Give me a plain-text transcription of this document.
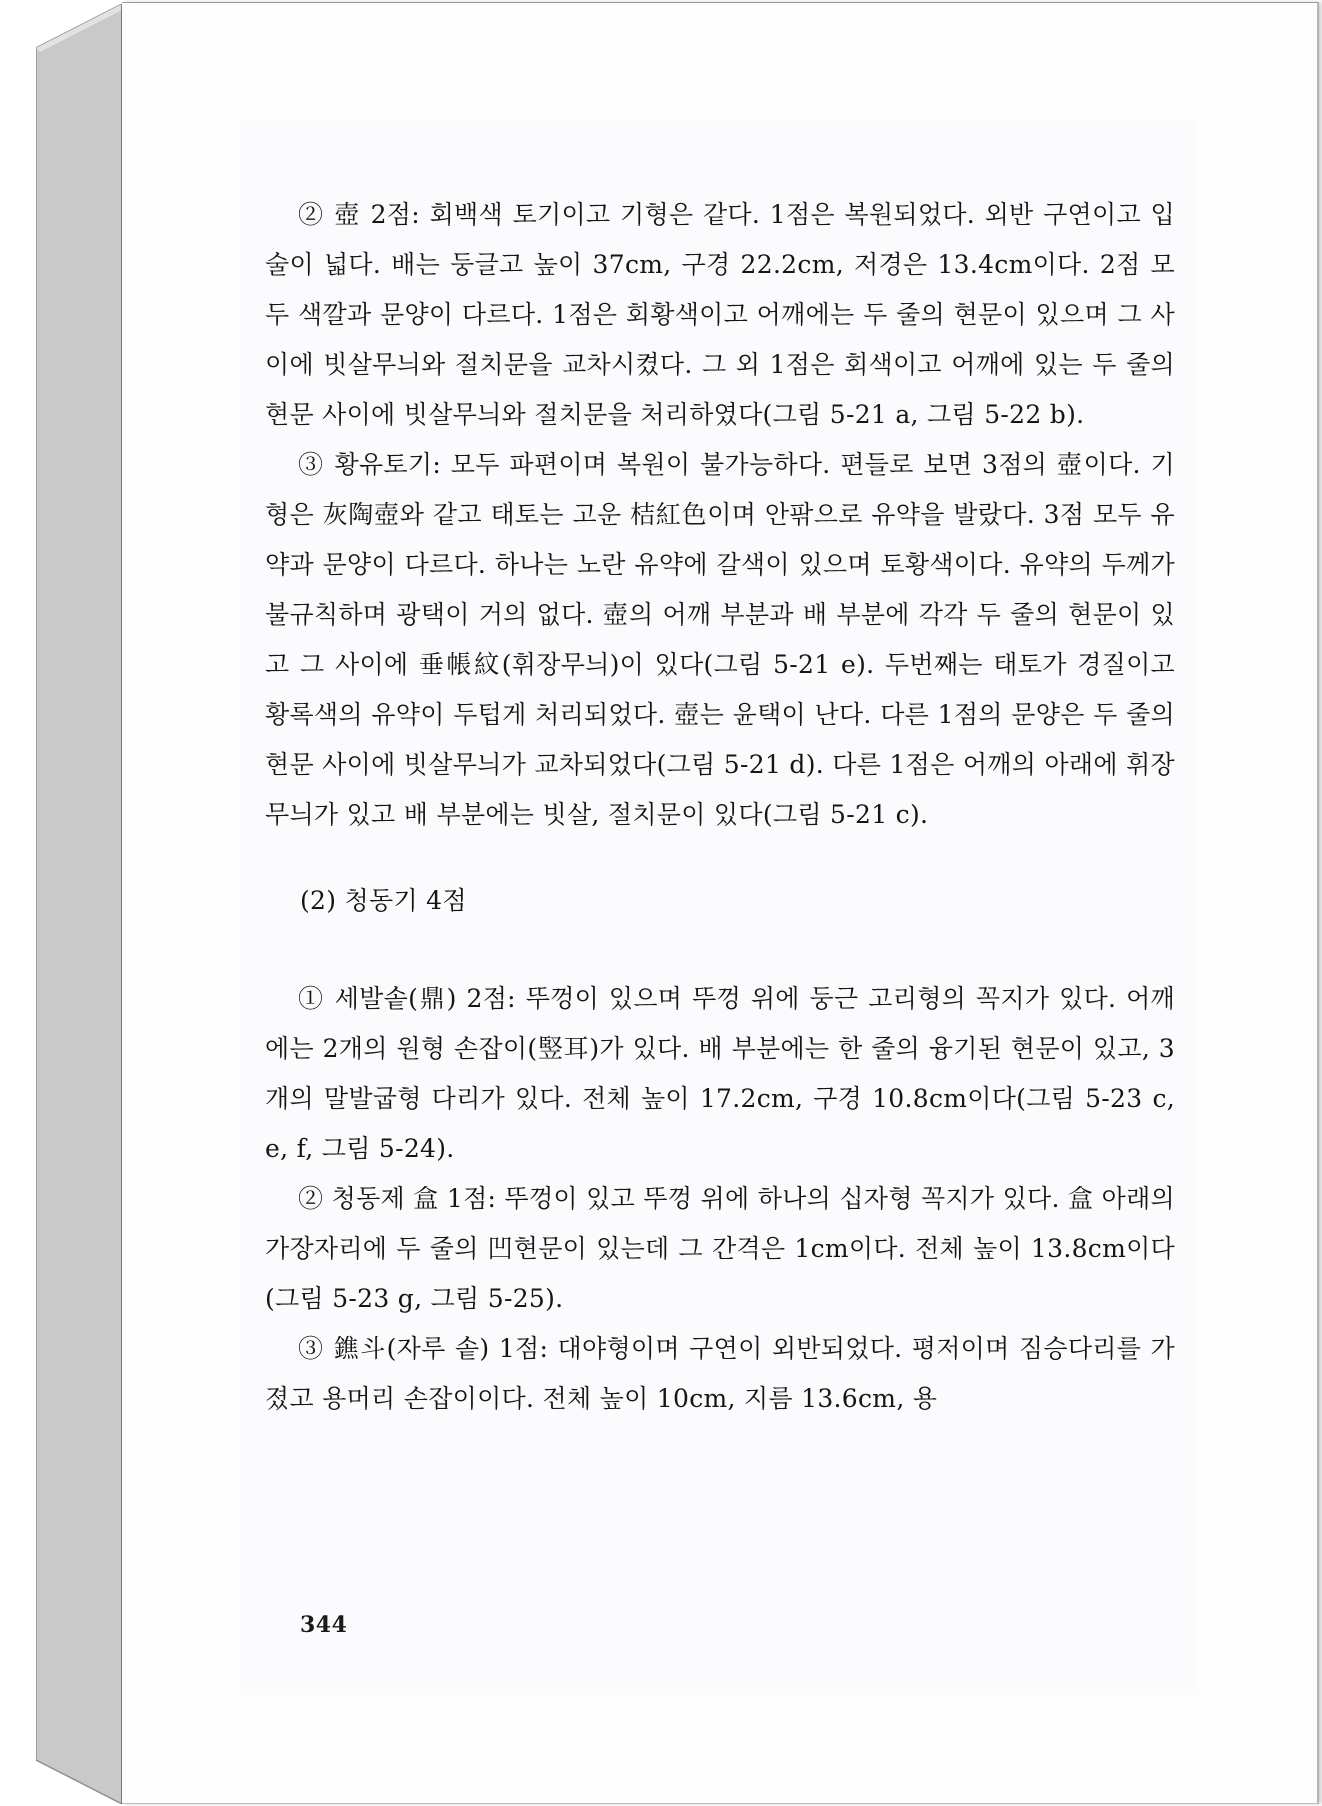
② 壺 2점: 회백색 토기이고 기형은 같다. 1점은 복원되었다. 외반 구연이고 입술이 넓다. 배는 둥글고 높이 37cm, 구경 22.2cm, 저경은 13.4cm이다. 2점 모두 색깔과 문양이 다르다. 1점은 회황색이고 어깨에는 두 줄의 현문이 있으며 그 사이에 빗살무늬와 절치문을 교차시켰다. 그 외 1점은 회색이고 어깨에 있는 두 줄의 현문 사이에 빗살무늬와 절치문을 처리하였다(그림 5-21 a, 그림 5-22 b).

③ 황유토기: 모두 파편이며 복원이 불가능하다. 편들로 보면 3점의 壺이다. 기형은 灰陶壺와 같고 태토는 고운 桔紅色이며 안팎으로 유약을 발랐다. 3점 모두 유약과 문양이 다르다. 하나는 노란 유약에 갈색이 있으며 토황색이다. 유약의 두께가 불규칙하며 광택이 거의 없다. 壺의 어깨 부분과 배 부분에 각각 두 줄의 현문이 있고 그 사이에 垂帳紋(휘장무늬)이 있다(그림 5-21 e). 두번째는 태토가 경질이고 황록색의 유약이 두텁게 처리되었다. 壺는 윤택이 난다. 다른 1점의 문양은 두 줄의 현문 사이에 빗살무늬가 교차되었다(그림 5-21 d). 다른 1점은 어깨의 아래에 휘장무늬가 있고 배 부분에는 빗살, 절치문이 있다(그림 5-21 c).

(2) 청동기 4점

① 세발솥(鼎) 2점: 뚜껑이 있으며 뚜껑 위에 둥근 고리형의 꼭지가 있다. 어깨에는 2개의 원형 손잡이(竪耳)가 있다. 배 부분에는 한 줄의 융기된 현문이 있고, 3개의 말발굽형 다리가 있다. 전체 높이 17.2cm, 구경 10.8cm이다(그림 5-23 c, e, f, 그림 5-24).

② 청동제 盒 1점: 뚜껑이 있고 뚜껑 위에 하나의 십자형 꼭지가 있다. 盒 아래의 가장자리에 두 줄의 凹현문이 있는데 그 간격은 1cm이다. 전체 높이 13.8cm이다(그림 5-23 g, 그림 5-25).

③ 鐎斗(자루 솥) 1점: 대야형이며 구연이 외반되었다. 평저이며 짐승다리를 가졌고 용머리 손잡이이다. 전체 높이 10cm, 지름 13.6cm, 용

344
